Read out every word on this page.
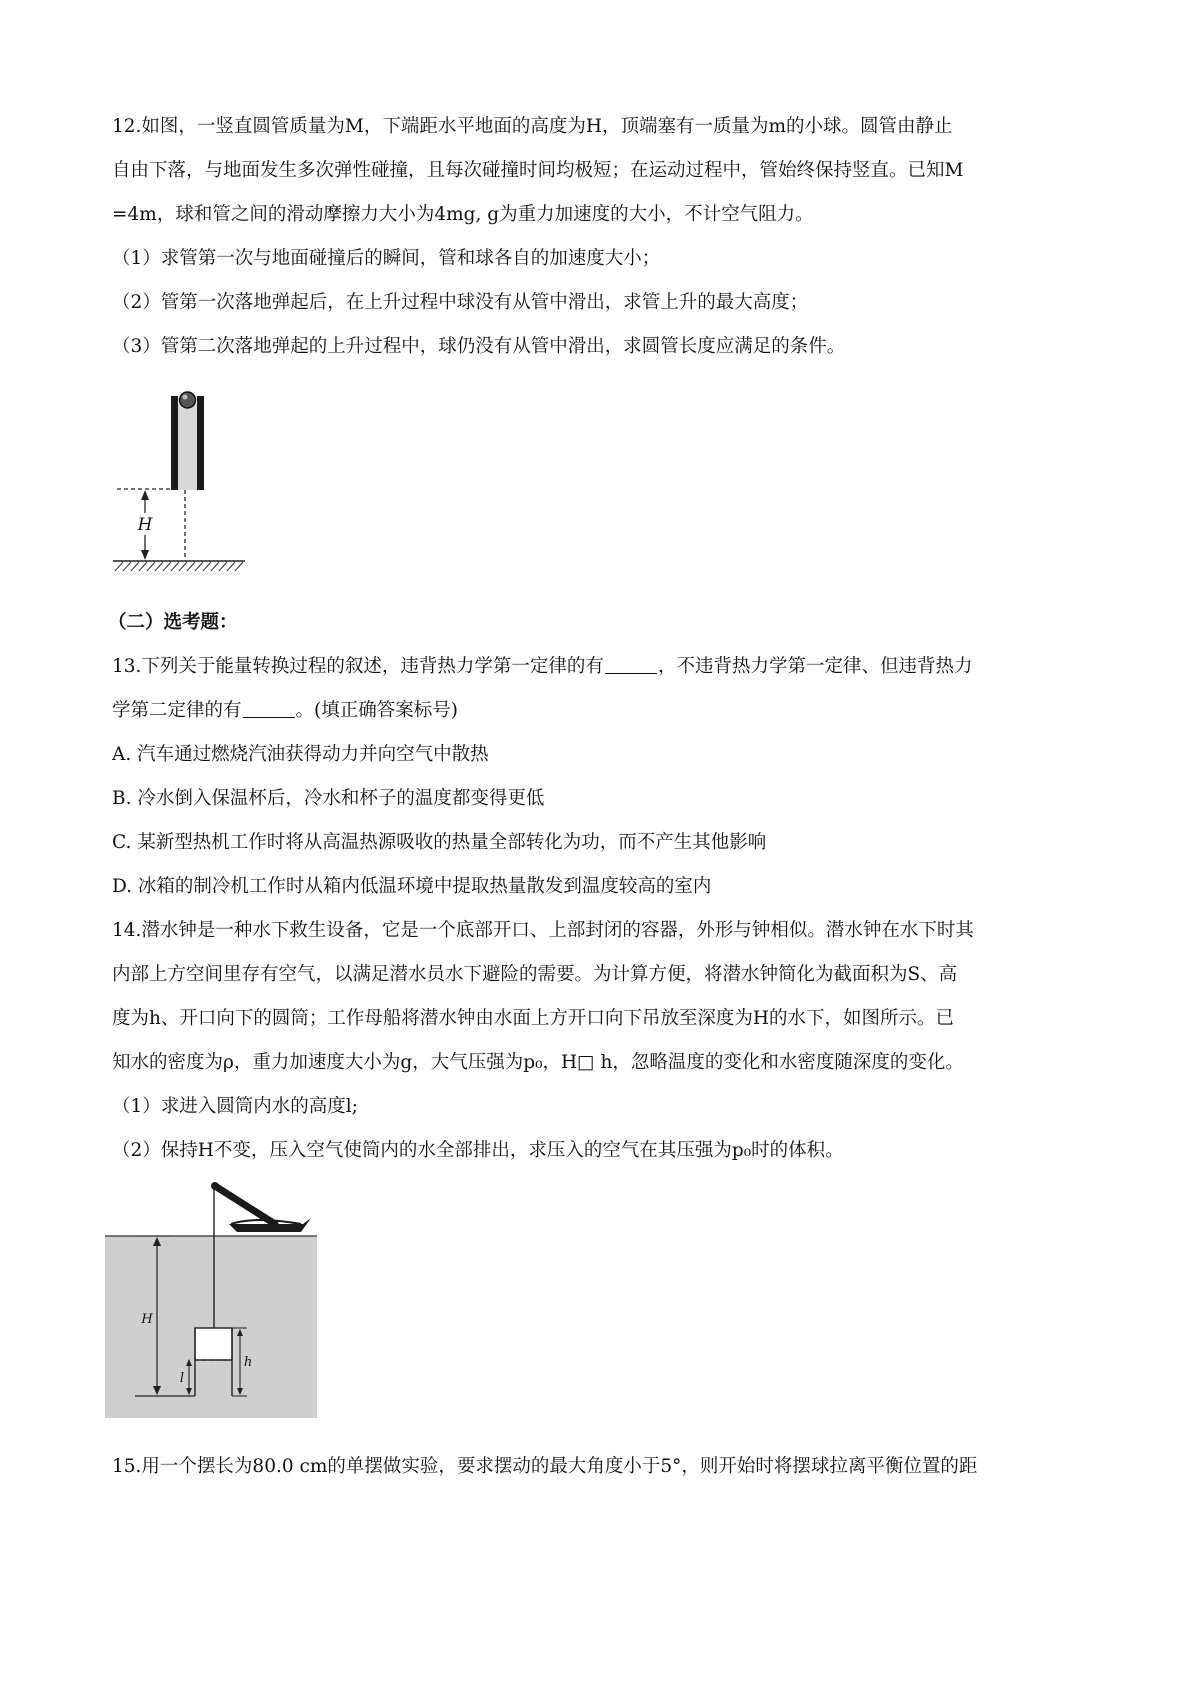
12.如图，一竖直圆管质量为M，下端距水平地面的高度为H，顶端塞有一质量为m的小球。圆管由静止
自由下落，与地面发生多次弹性碰撞，且每次碰撞时间均极短；在运动过程中，管始终保持竖直。已知M
=4m，球和管之间的滑动摩擦力大小为4mg, g为重力加速度的大小，不计空气阻力。
（1）求管第一次与地面碰撞后的瞬间，管和球各自的加速度大小；
（2）管第一次落地弹起后，在上升过程中球没有从管中滑出，求管上升的最大高度；
（3）管第二次落地弹起的上升过程中，球仍没有从管中滑出，求圆管长度应满足的条件。
H
（二）选考题：
13.下列关于能量转换过程的叙述，违背热力学第一定律的有	，不违背热力学第一定律、但违背热力
学第二定律的有	。(填正确答案标号)
A. 汽车通过燃烧汽油获得动力并向空气中散热
B. 冷水倒入保温杯后，冷水和杯子的温度都变得更低
C. 某新型热机工作时将从高温热源吸收的热量全部转化为功，而不产生其他影响
D. 冰箱的制冷机工作时从箱内低温环境中提取热量散发到温度较高的室内
14.潜水钟是一种水下救生设备，它是一个底部开口、上部封闭的容器，外形与钟相似。潜水钟在水下时其
内部上方空间里存有空气，以满足潜水员水下避险的需要。为计算方便，将潜水钟简化为截面积为S、高
度为h、开口向下的圆筒；工作母船将潜水钟由水面上方开口向下吊放至深度为H的水下，如图所示。已
知水的密度为ρ，重力加速度大小为g，大气压强为p₀，H□ h，忽略温度的变化和水密度随深度的变化。
（1）求进入圆筒内水的高度l;
（2）保持H不变，压入空气使筒内的水全部排出，求压入的空气在其压强为p₀时的体积。
H
l
h
15.用一个摆长为80.0 cm的单摆做实验，要求摆动的最大角度小于5°，则开始时将摆球拉离平衡位置的距
